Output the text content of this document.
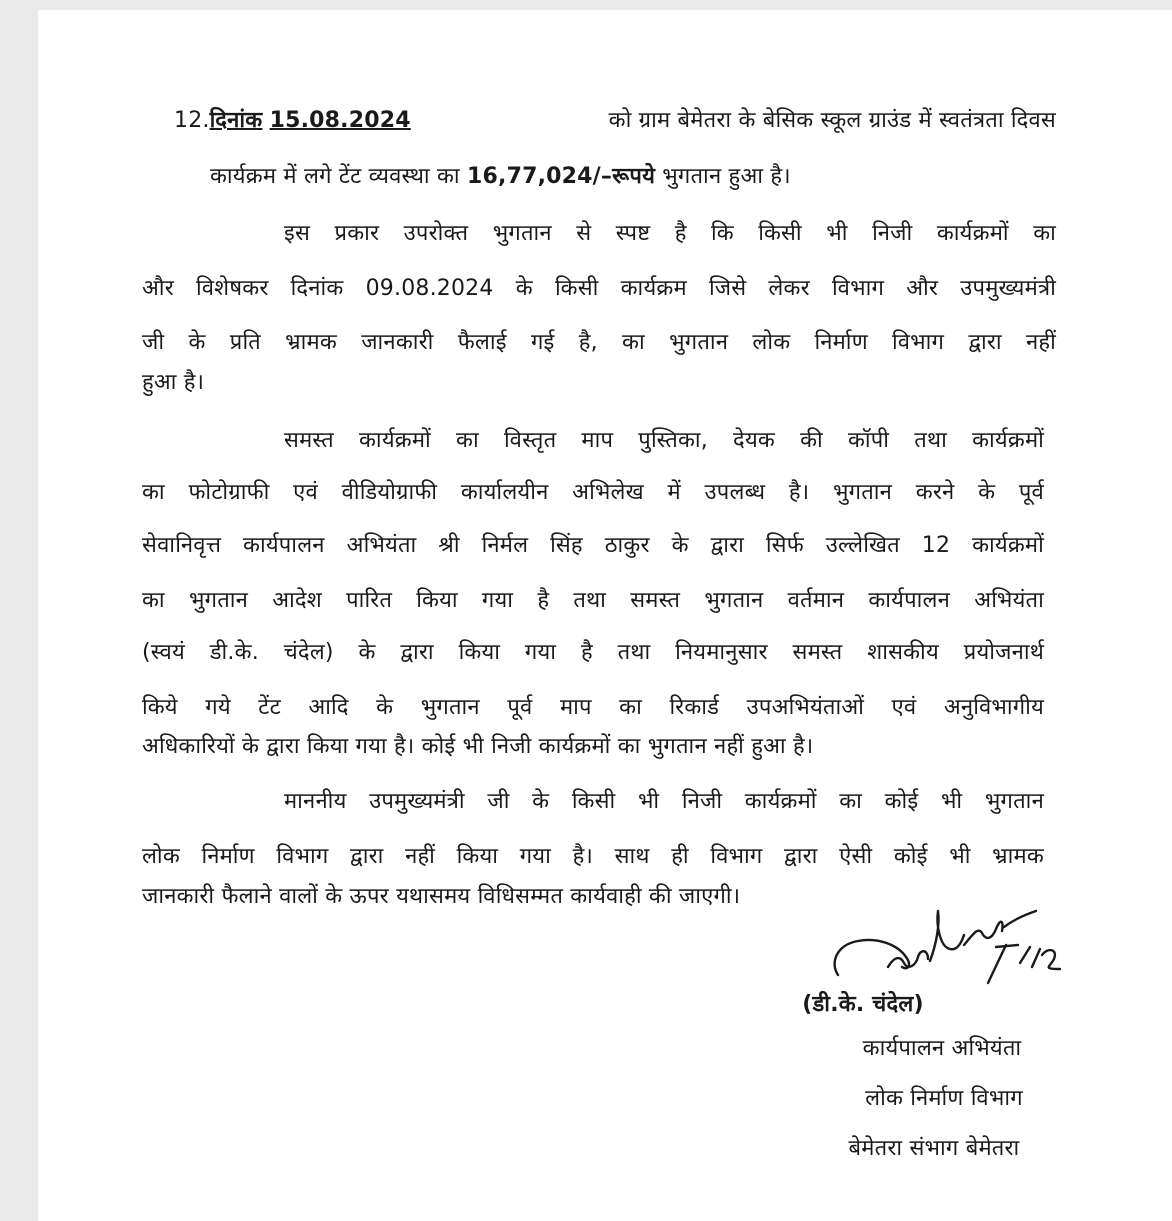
12.दिनांक 15.08.2024	को ग्राम बेमेतरा के बेसिक स्कूल ग्राउंड में स्वतंत्रता दिवस
कार्यक्रम में लगे टेंट व्यवस्था का 16,77,024/–रूपये भुगतान हुआ है।
इस प्रकार उपरोक्त भुगतान से स्पष्ट है कि किसी भी निजी कार्यक्रमों का
और विशेषकर दिनांक 09.08.2024 के किसी कार्यक्रम जिसे लेकर विभाग और उपमुख्यमंत्री
जी के प्रति भ्रामक जानकारी फैलाई गई है, का भुगतान लोक निर्माण विभाग द्वारा नहीं
हुआ है।
समस्त कार्यक्रमों का विस्तृत माप पुस्तिका, देयक की कॉपी तथा कार्यक्रमों
का फोटोग्राफी एवं वीडियोग्राफी कार्यालयीन अभिलेख में उपलब्ध है। भुगतान करने के पूर्व
सेवानिवृत्त कार्यपालन अभियंता श्री निर्मल सिंह ठाकुर के द्वारा सिर्फ उल्लेखित 12 कार्यक्रमों
का भुगतान आदेश पारित किया गया है तथा समस्त भुगतान वर्तमान कार्यपालन अभियंता
(स्वयं डी.के. चंदेल) के द्वारा किया गया है तथा नियमानुसार समस्त शासकीय प्रयोजनार्थ
किये गये टेंट आदि के भुगतान पूर्व माप का रिकार्ड उपअभियंताओं एवं अनुविभागीय
अधिकारियों के द्वारा किया गया है। कोई भी निजी कार्यक्रमों का भुगतान नहीं हुआ है।
माननीय उपमुख्यमंत्री जी के किसी भी निजी कार्यक्रमों का कोई भी भुगतान
लोक निर्माण विभाग द्वारा नहीं किया गया है। साथ ही विभाग द्वारा ऐसी कोई भी भ्रामक
जानकारी फैलाने वालों के ऊपर यथासमय विधिसम्मत कार्यवाही की जाएगी।
(डी.के. चंदेल)
कार्यपालन अभियंता
लोक निर्माण विभाग
बेमेतरा संभाग बेमेतरा
